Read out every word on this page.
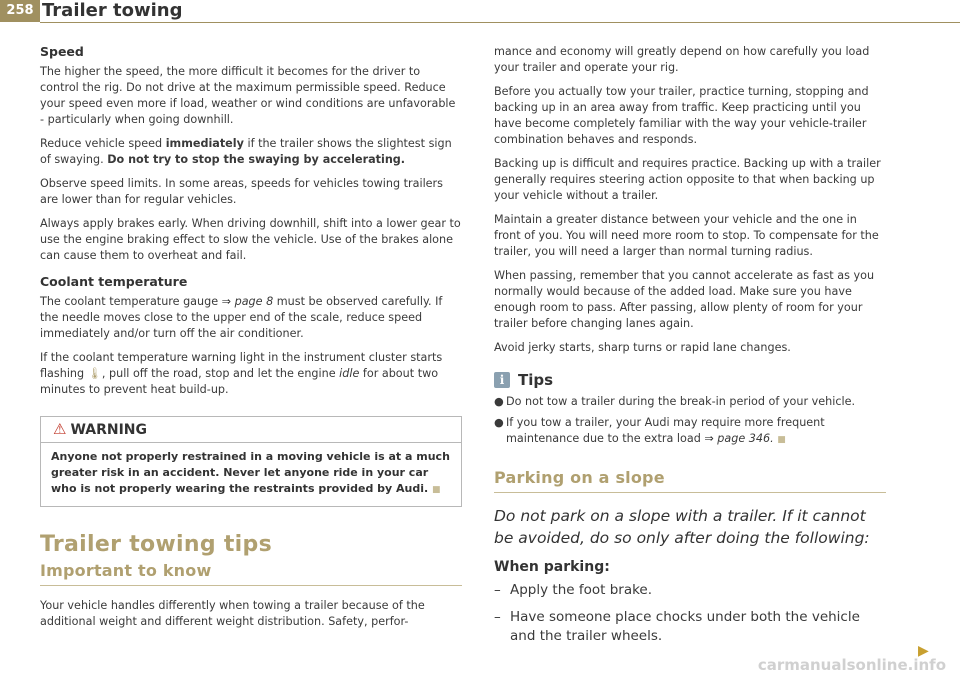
258 Trailer towing
Speed

The higher the speed, the more difficult it becomes for the driver to control the rig. Do not drive at the maximum permissible speed. Reduce your speed even more if load, weather or wind conditions are unfavorable - particularly when going downhill.

Reduce vehicle speed immediately if the trailer shows the slightest sign of swaying. Do not try to stop the swaying by accelerating.

Observe speed limits. In some areas, speeds for vehicles towing trailers are lower than for regular vehicles.

Always apply brakes early. When driving downhill, shift into a lower gear to use the engine braking effect to slow the vehicle. Use of the brakes alone can cause them to overheat and fail.

Coolant temperature

The coolant temperature gauge ⇒ page 8 must be observed carefully. If the needle moves close to the upper end of the scale, reduce speed immediately and/or turn off the air conditioner.

If the coolant temperature warning light in the instrument cluster starts flashing 🌡, pull off the road, stop and let the engine idle for about two minutes to prevent heat build-up.

⚠ WARNING
Anyone not properly restrained in a moving vehicle is at a much greater risk in an accident. Never let anyone ride in your car who is not properly wearing the restraints provided by Audi. ■
Trailer towing tips
Important to know

Your vehicle handles differently when towing a trailer because of the additional weight and different weight distribution. Safety, perfor-

mance and economy will greatly depend on how carefully you load your trailer and operate your rig.

Before you actually tow your trailer, practice turning, stopping and backing up in an area away from traffic. Keep practicing until you have become completely familiar with the way your vehicle-trailer combination behaves and responds.

Backing up is difficult and requires practice. Backing up with a trailer generally requires steering action opposite to that when backing up your vehicle without a trailer.

Maintain a greater distance between your vehicle and the one in front of you. You will need more room to stop. To compensate for the trailer, you will need a larger than normal turning radius.

When passing, remember that you cannot accelerate as fast as you normally would because of the added load. Make sure you have enough room to pass. After passing, allow plenty of room for your trailer before changing lanes again.

Avoid jerky starts, sharp turns or rapid lane changes.

i Tips
● Do not tow a trailer during the break-in period of your vehicle.
● If you tow a trailer, your Audi may require more frequent maintenance due to the extra load ⇒ page 346. ■
Parking on a slope
Do not park on a slope with a trailer. If it cannot be avoided, do so only after doing the following:
When parking:
– Apply the foot brake.
– Have someone place chocks under both the vehicle and the trailer wheels.
▶
carmanualsonline.info
